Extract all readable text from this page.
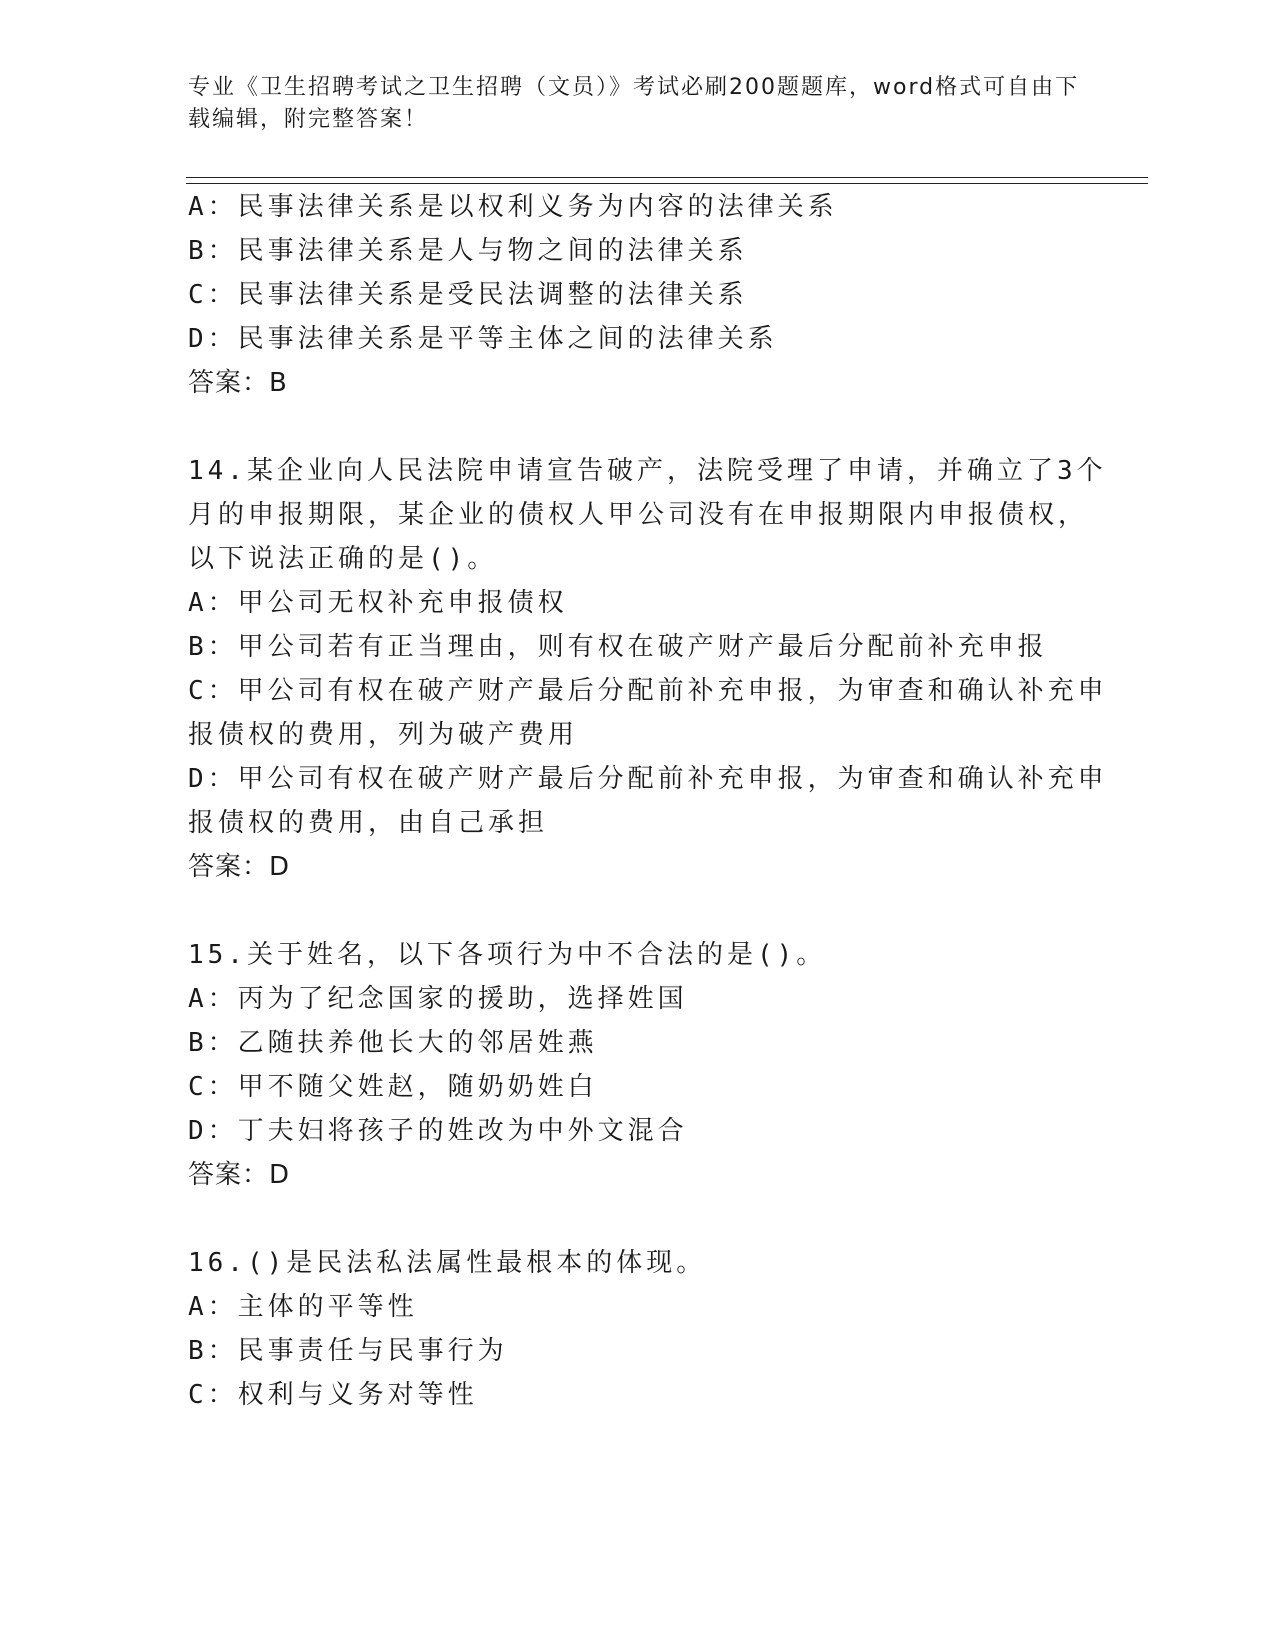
专业《卫生招聘考试之卫生招聘（文员）》考试必刷200题题库，word格式可自由下载编辑，附完整答案！
A：民事法律关系是以权利义务为内容的法律关系
B：民事法律关系是人与物之间的法律关系
C：民事法律关系是受民法调整的法律关系
D：民事法律关系是平等主体之间的法律关系
答案：B
14.某企业向人民法院申请宣告破产，法院受理了申请，并确立了3个
月的申报期限，某企业的债权人甲公司没有在申报期限内申报债权，
以下说法正确的是()。
A：甲公司无权补充申报债权
B：甲公司若有正当理由，则有权在破产财产最后分配前补充申报
C：甲公司有权在破产财产最后分配前补充申报，为审查和确认补充申
报债权的费用，列为破产费用
D：甲公司有权在破产财产最后分配前补充申报，为审查和确认补充申
报债权的费用，由自己承担
答案：D
15.关于姓名，以下各项行为中不合法的是()。
A：丙为了纪念国家的援助，选择姓国
B：乙随扶养他长大的邻居姓燕
C：甲不随父姓赵，随奶奶姓白
D：丁夫妇将孩子的姓改为中外文混合
答案：D
16.()是民法私法属性最根本的体现。
A：主体的平等性
B：民事责任与民事行为
C：权利与义务对等性
